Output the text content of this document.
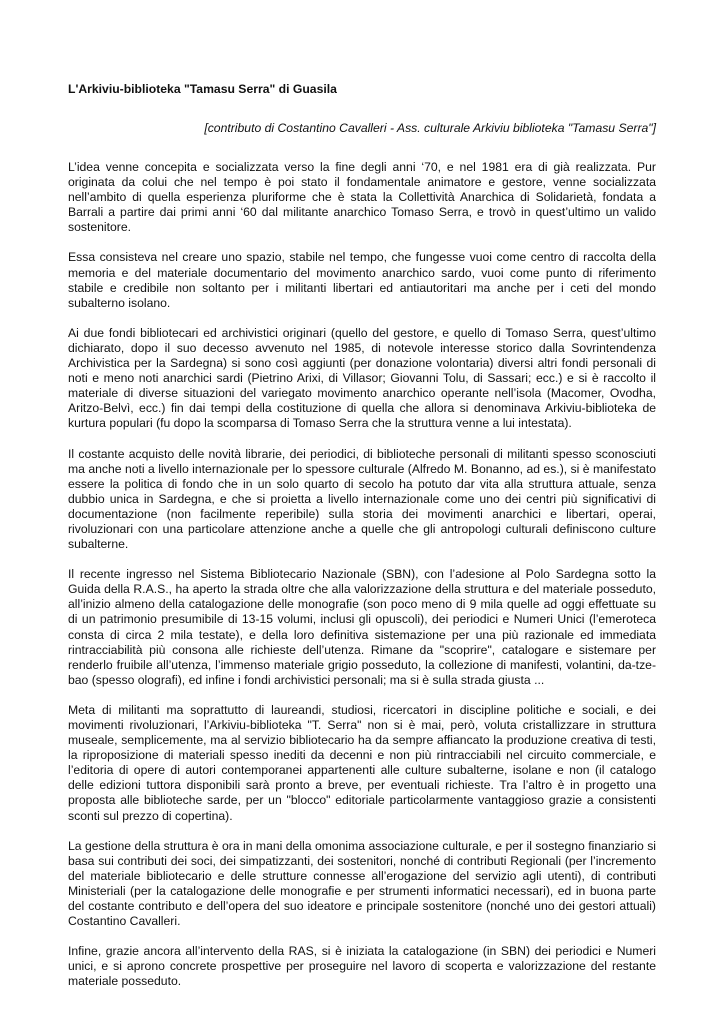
L'Arkiviu-biblioteka "Tamasu Serra" di Guasila

[contributo di Costantino Cavalleri - Ass. culturale Arkiviu biblioteka "Tamasu Serra"]

L’idea venne concepita e socializzata verso la fine degli anni ‘70, e nel 1981 era di già realizzata. Pur originata da colui che nel tempo è poi stato il fondamentale animatore e gestore, venne socializzata nell’ambito di quella esperienza pluriforme che è stata la Collettività Anarchica di Solidarietà, fondata a Barrali a partire dai primi anni ‘60 dal militante anarchico Tomaso Serra, e trovò in quest’ultimo un valido sostenitore.

Essa consisteva nel creare uno spazio, stabile nel tempo, che fungesse vuoi come centro di raccolta della memoria e del materiale documentario del movimento anarchico sardo, vuoi come punto di riferimento stabile e credibile non soltanto per i militanti libertari ed antiautoritari ma anche per i ceti del mondo subalterno isolano.

Ai due fondi bibliotecari ed archivistici originari (quello del gestore, e quello di Tomaso Serra, quest’ultimo dichiarato, dopo il suo decesso avvenuto nel 1985, di notevole interesse storico dalla Sovrintendenza Archivistica per la Sardegna) si sono così aggiunti (per donazione volontaria) diversi altri fondi personali di noti e meno noti anarchici sardi (Pietrino Arixi, di Villasor; Giovanni Tolu, di Sassari; ecc.) e si è raccolto il materiale di diverse situazioni del variegato movimento anarchico operante nell’isola (Macomer, Ovodha, Aritzo-Belvì, ecc.) fin dai tempi della costituzione di quella che allora si denominava Arkiviu-biblioteka de kurtura populari (fu dopo la scomparsa di Tomaso Serra che la struttura venne a lui intestata).

Il costante acquisto delle novità librarie, dei periodici, di biblioteche personali di militanti spesso sconosciuti ma anche noti a livello internazionale per lo spessore culturale (Alfredo M. Bonanno, ad es.), si è manifestato essere la politica di fondo che in un solo quarto di secolo ha potuto dar vita alla struttura attuale, senza dubbio unica in Sardegna, e che si proietta a livello internazionale come uno dei centri più significativi di documentazione (non facilmente reperibile) sulla storia dei movimenti anarchici e libertari, operai, rivoluzionari con una particolare attenzione anche a quelle che gli antropologi culturali definiscono culture subalterne.

Il recente ingresso nel Sistema Bibliotecario Nazionale (SBN), con l’adesione al Polo Sardegna sotto la Guida della R.A.S., ha aperto la strada oltre che alla valorizzazione della struttura e del materiale posseduto, all’inizio almeno della catalogazione delle monografie (son poco meno di 9 mila quelle ad oggi effettuate su di un patrimonio presumibile di 13-15 volumi, inclusi gli opuscoli), dei periodici e Numeri Unici (l’emeroteca consta di circa 2 mila testate), e della loro definitiva sistemazione per una più razionale ed immediata rintracciabilità più consona alle richieste dell’utenza. Rimane da "scoprire", catalogare e sistemare per renderlo fruibile all’utenza, l’immenso materiale grigio posseduto, la collezione di manifesti, volantini, da-tze-bao (spesso olografi), ed infine i fondi archivistici personali; ma si è sulla strada giusta ...

Meta di militanti ma soprattutto di laureandi, studiosi, ricercatori in discipline politiche e sociali, e dei movimenti rivoluzionari, l’Arkiviu-biblioteka "T. Serra" non si è mai, però, voluta cristallizzare in struttura museale, semplicemente, ma al servizio bibliotecario ha da sempre affiancato la produzione creativa di testi, la riproposizione di materiali spesso inediti da decenni e non più rintracciabili nel circuito commerciale, e l’editoria di opere di autori contemporanei appartenenti alle culture subalterne, isolane e non (il catalogo delle edizioni tuttora disponibili sarà pronto a breve, per eventuali richieste. Tra l’altro è in progetto una proposta alle biblioteche sarde, per un "blocco" editoriale particolarmente vantaggioso grazie a consistenti sconti sul prezzo di copertina).

La gestione della struttura è ora in mani della omonima associazione culturale, e per il sostegno finanziario si basa sui contributi dei soci, dei simpatizzanti, dei sostenitori, nonché di contributi Regionali (per l’incremento del materiale bibliotecario e delle strutture connesse all’erogazione del servizio agli utenti), di contributi Ministeriali (per la catalogazione delle monografie e per strumenti informatici necessari), ed in buona parte del costante contributo e dell’opera del suo ideatore e principale sostenitore (nonché uno dei gestori attuali) Costantino Cavalleri.

Infine, grazie ancora all’intervento della RAS, si è iniziata la catalogazione (in SBN) dei periodici e Numeri unici, e si aprono concrete prospettive per proseguire nel lavoro di scoperta e valorizzazione del restante materiale posseduto.
